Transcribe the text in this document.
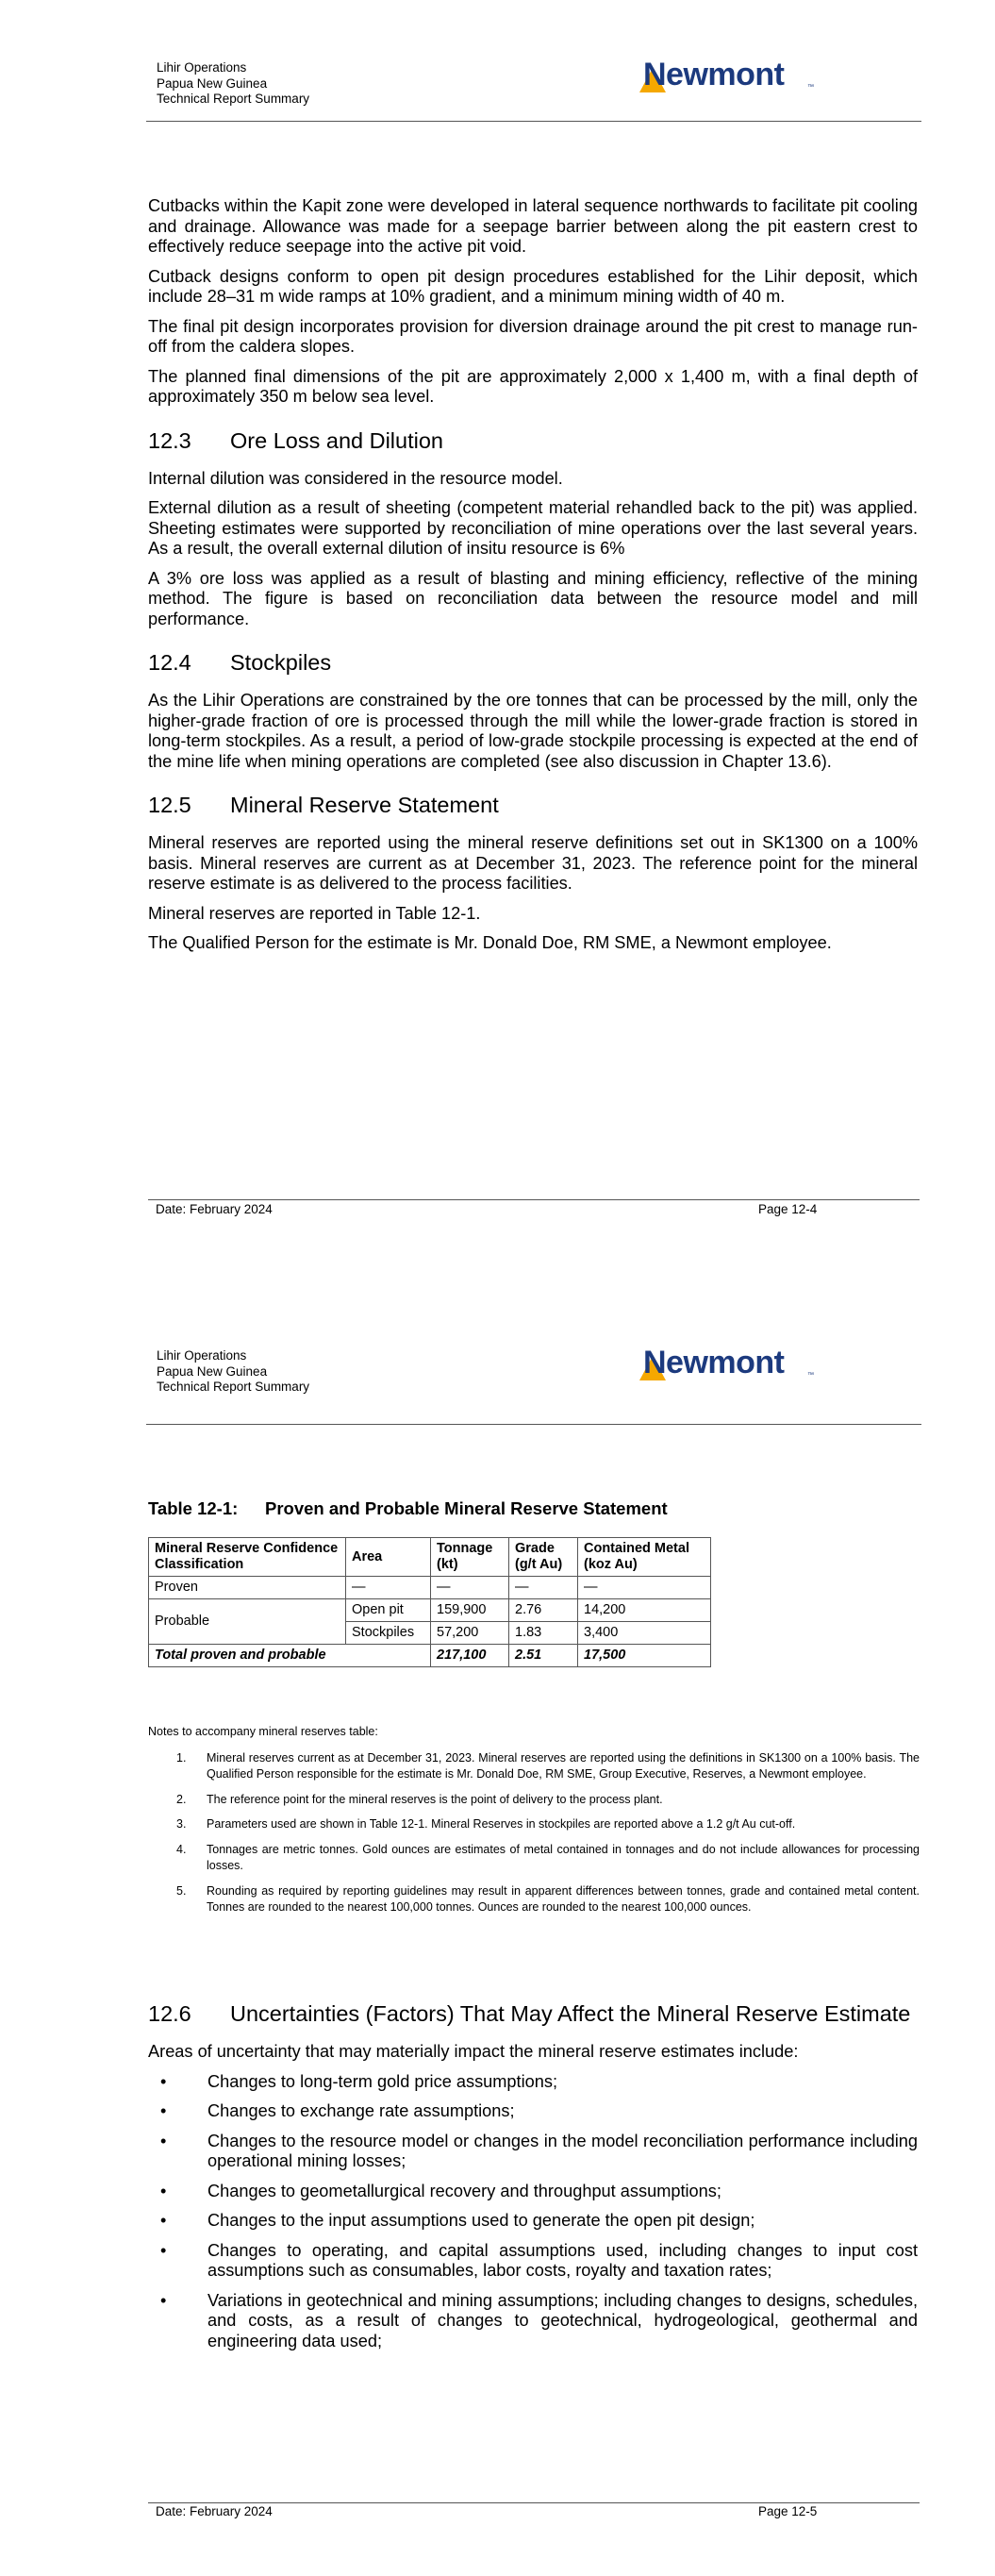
Lihir Operations
Papua New Guinea
Technical Report Summary
Newmont	™

Cutbacks within the Kapit zone were developed in lateral sequence northwards to facilitate pit cooling and drainage. Allowance was made for a seepage barrier between along the pit eastern crest to effectively reduce seepage into the active pit void.

Cutback designs conform to open pit design procedures established for the Lihir deposit, which include 28–31 m wide ramps at 10% gradient, and a minimum mining width of 40 m.

The final pit design incorporates provision for diversion drainage around the pit crest to manage run-off from the caldera slopes.

The planned final dimensions of the pit are approximately 2,000 x 1,400 m, with a final depth of approximately 350 m below sea level.

12.3	Ore Loss and Dilution

Internal dilution was considered in the resource model.

External dilution as a result of sheeting (competent material rehandled back to the pit) was applied. Sheeting estimates were supported by reconciliation of mine operations over the last several years. As a result, the overall external dilution of insitu resource is 6%

A 3% ore loss was applied as a result of blasting and mining efficiency, reflective of the mining method. The figure is based on reconciliation data between the resource model and mill performance.

12.4	Stockpiles

As the Lihir Operations are constrained by the ore tonnes that can be processed by the mill, only the higher-grade fraction of ore is processed through the mill while the lower-grade fraction is stored in long-term stockpiles. As a result, a period of low-grade stockpile processing is expected at the end of the mine life when mining operations are completed (see also discussion in Chapter 13.6).

12.5	Mineral Reserve Statement

Mineral reserves are reported using the mineral reserve definitions set out in SK1300 on a 100% basis. Mineral reserves are current as at December 31, 2023. The reference point for the mineral reserve estimate is as delivered to the process facilities.

Mineral reserves are reported in Table 12-1.

The Qualified Person for the estimate is Mr. Donald Doe, RM SME, a Newmont employee.

Date: February 2024	Page 12-4
Lihir Operations
Papua New Guinea
Technical Report Summary
Newmont	™
Table 12-1: Proven and Probable Mineral Reserve Statement
Mineral Reserve Confidence Classification	Area	Tonnage (kt)	Grade (g/t Au)	Contained Metal (koz Au)
Proven	—	—	—	—
Probable	Open pit	159,900	2.76	14,200
	Stockpiles	57,200	1.83	3,400
Total proven and probable		217,100	2.51	17,500

Notes to accompany mineral reserves table:

1.	Mineral reserves current as at December 31, 2023. Mineral reserves are reported using the definitions in SK1300 on a 100% basis. The Qualified Person responsible for the estimate is Mr. Donald Doe, RM SME, Group Executive, Reserves, a Newmont employee.
2.	The reference point for the mineral reserves is the point of delivery to the process plant.
3.	Parameters used are shown in Table 12-1. Mineral Reserves in stockpiles are reported above a 1.2 g/t Au cut-off.
4.	Tonnages are metric tonnes. Gold ounces are estimates of metal contained in tonnages and do not include allowances for processing losses.
5.	Rounding as required by reporting guidelines may result in apparent differences between tonnes, grade and contained metal content. Tonnes are rounded to the nearest 100,000 tonnes. Ounces are rounded to the nearest 100,000 ounces.
12.6	Uncertainties (Factors) That May Affect the Mineral Reserve Estimate

Areas of uncertainty that may materially impact the mineral reserve estimates include:

•	Changes to long-term gold price assumptions;
•	Changes to exchange rate assumptions;
•	Changes to the resource model or changes in the model reconciliation performance including operational mining losses;
•	Changes to geometallurgical recovery and throughput assumptions;
•	Changes to the input assumptions used to generate the open pit design;
•	Changes to operating, and capital assumptions used, including changes to input cost assumptions such as consumables, labor costs, royalty and taxation rates;
•	Variations in geotechnical and mining assumptions; including changes to designs, schedules, and costs, as a result of changes to geotechnical, hydrogeological, geothermal and engineering data used;
Date: February 2024	Page 12-5
